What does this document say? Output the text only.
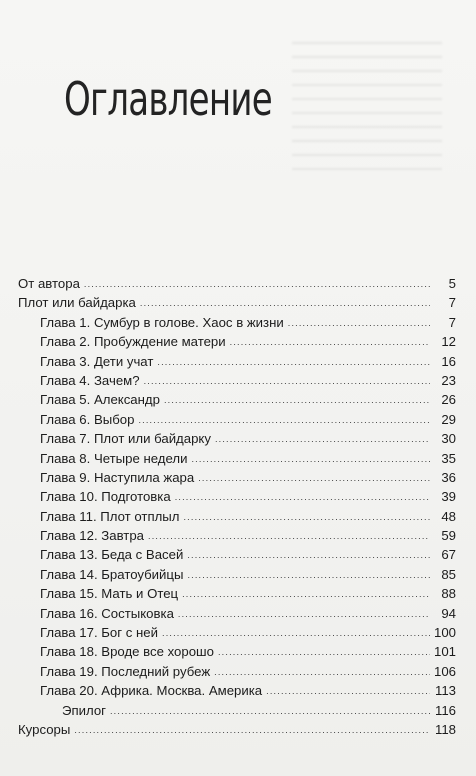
Оглавление
От автора .....	5
Плот или байдарка .....	7
Глава 1. Сумбур в голове. Хаос в жизни .....	7
Глава 2. Пробуждение матери .....	12
Глава 3. Дети учат .....	16
Глава 4. Зачем? .....	23
Глава 5. Александр .....	26
Глава 6. Выбор .....	29
Глава 7. Плот или байдарку .....	30
Глава 8. Четыре недели .....	35
Глава 9. Наступила жара .....	36
Глава 10. Подготовка .....	39
Глава 11. Плот отплыл .....	48
Глава 12. Завтра .....	59
Глава 13. Беда с Васей .....	67
Глава 14. Братоубийцы .....	85
Глава 15. Мать и Отец .....	88
Глава 16. Состыковка .....	94
Глава 17. Бог с ней .....	100
Глава 18. Вроде все хорошо .....	101
Глава 19. Последний рубеж .....	106
Глава 20. Африка. Москва. Америка .....	113
Эпилог .....	116
Курсоры .....	118
